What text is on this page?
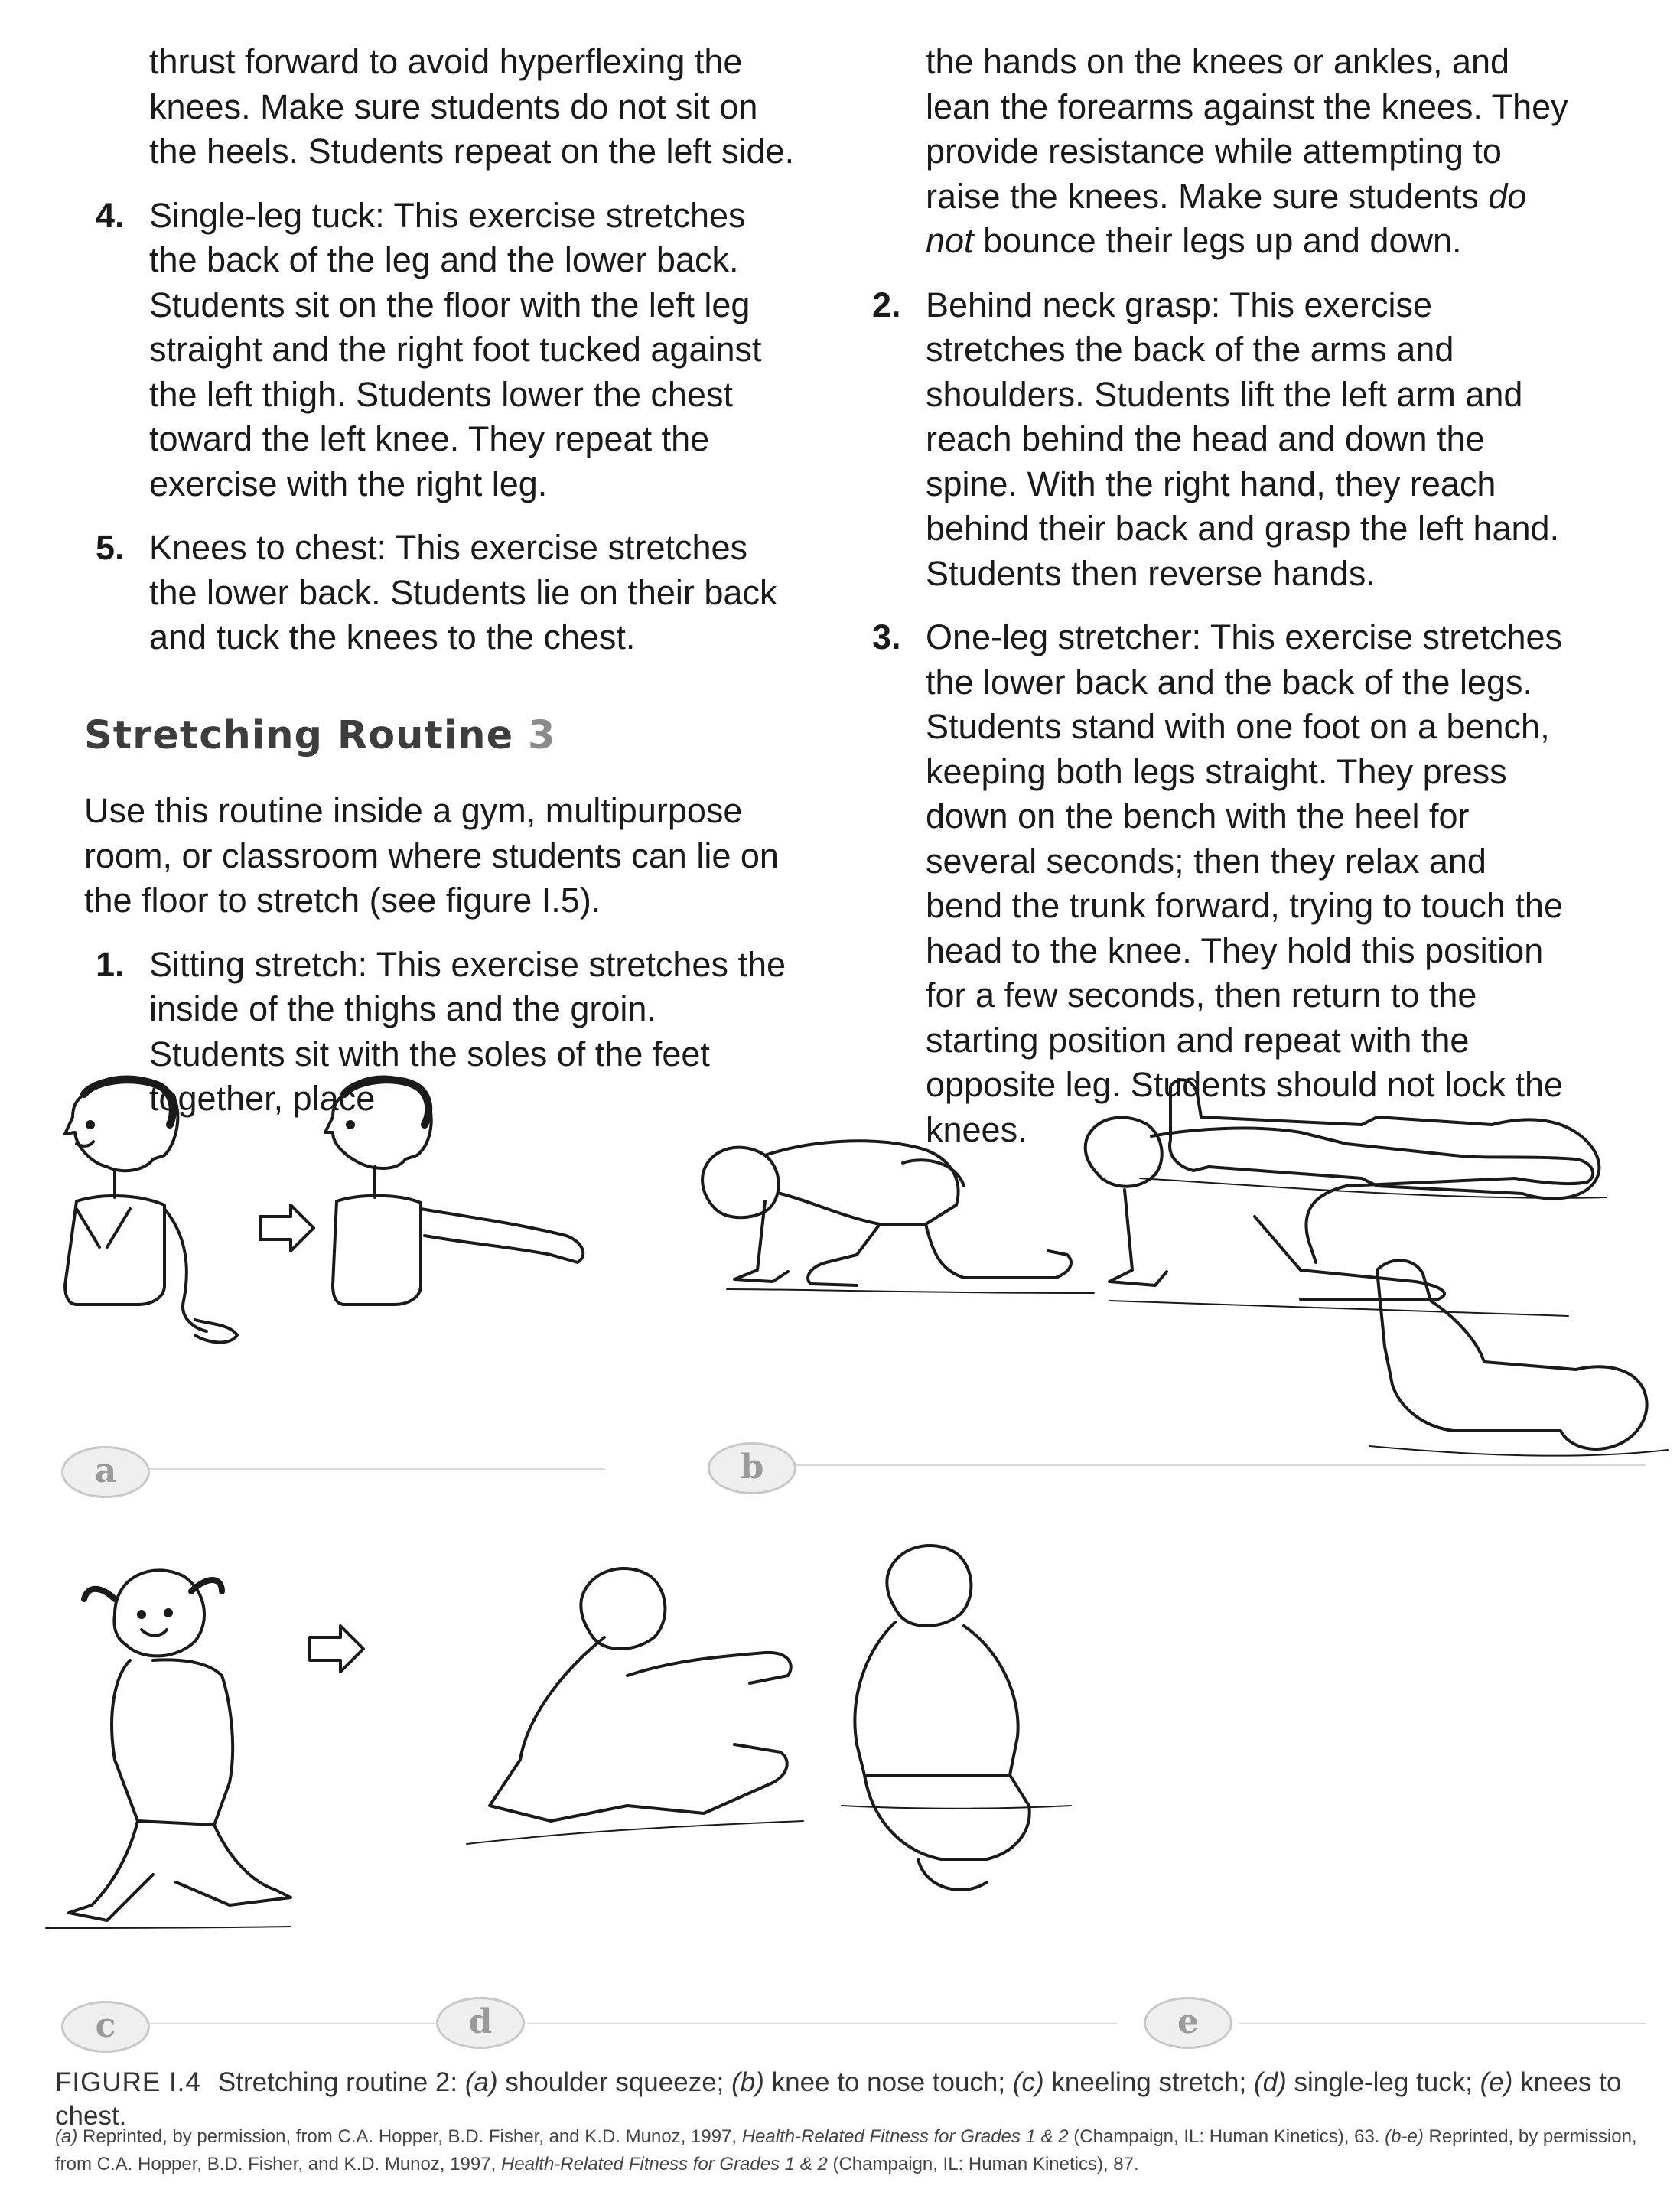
thrust forward to avoid hyperflexing the knees. Make sure students do not sit on the heels. Students repeat on the left side.

4. Single-leg tuck: This exercise stretches the back of the leg and the lower back. Students sit on the floor with the left leg straight and the right foot tucked against the left thigh. Students lower the chest toward the left knee. They repeat the exercise with the right leg.
5. Knees to chest: This exercise stretches the lower back. Students lie on their back and tuck the knees to the chest.
Stretching Routine 3

Use this routine inside a gym, multipurpose room, or classroom where students can lie on the floor to stretch (see figure I.5).

1. Sitting stretch: This exercise stretches the inside of the thighs and the groin. Students sit with the soles of the feet together, place

the hands on the knees or ankles, and lean the forearms against the knees. They provide resistance while attempting to raise the knees. Make sure students do not bounce their legs up and down.

2. Behind neck grasp: This exercise stretches the back of the arms and shoulders. Students lift the left arm and reach behind the head and down the spine. With the right hand, they reach behind their back and grasp the left hand. Students then reverse hands.
3. One-leg stretcher: This exercise stretches the lower back and the back of the legs. Students stand with one foot on a bench, keeping both legs straight. They press down on the bench with the heel for several seconds; then they relax and bend the trunk forward, trying to touch the head to the knee. They hold this position for a few seconds, then return to the starting position and repeat with the opposite leg. Students should not lock the knees.
a	b
c	d	e
FIGURE I.4 Stretching routine 2: (a) shoulder squeeze; (b) knee to nose touch; (c) kneeling stretch; (d) single-leg tuck; (e) knees to chest.
(a) Reprinted, by permission, from C.A. Hopper, B.D. Fisher, and K.D. Munoz, 1997, Health-Related Fitness for Grades 1 & 2 (Champaign, IL: Human Kinetics), 63. (b-e) Reprinted, by permission, from C.A. Hopper, B.D. Fisher, and K.D. Munoz, 1997, Health-Related Fitness for Grades 1 & 2 (Champaign, IL: Human Kinetics), 87.
